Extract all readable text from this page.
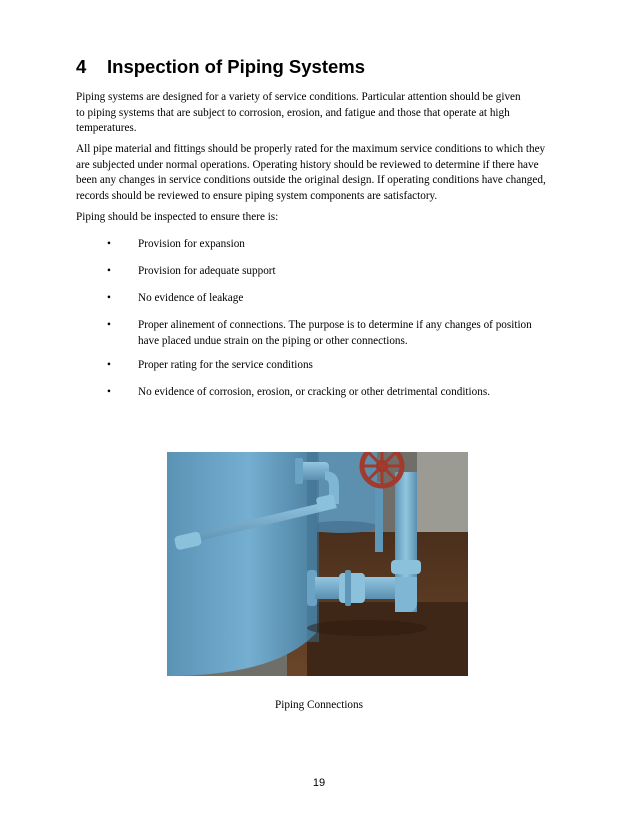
4 Inspection of Piping Systems
Piping systems are designed for a variety of service conditions. Particular attention should be given
to piping systems that are subject to corrosion, erosion, and fatigue and those that operate at high
temperatures.
All pipe material and fittings should be properly rated for the maximum service conditions to which they
are subjected under normal operations. Operating history should be reviewed to determine if there have
been any changes in service conditions outside the original design. If operating conditions have changed,
records should be reviewed to ensure piping system components are satisfactory.
Piping should be inspected to ensure there is:
• Provision for expansion
• Provision for adequate support
• No evidence of leakage
• Proper alinement of connections. The purpose is to determine if any changes of position
have placed undue strain on the piping or other connections.
• Proper rating for the service conditions
• No evidence of corrosion, erosion, or cracking or other detrimental conditions.
Piping Connections
19
